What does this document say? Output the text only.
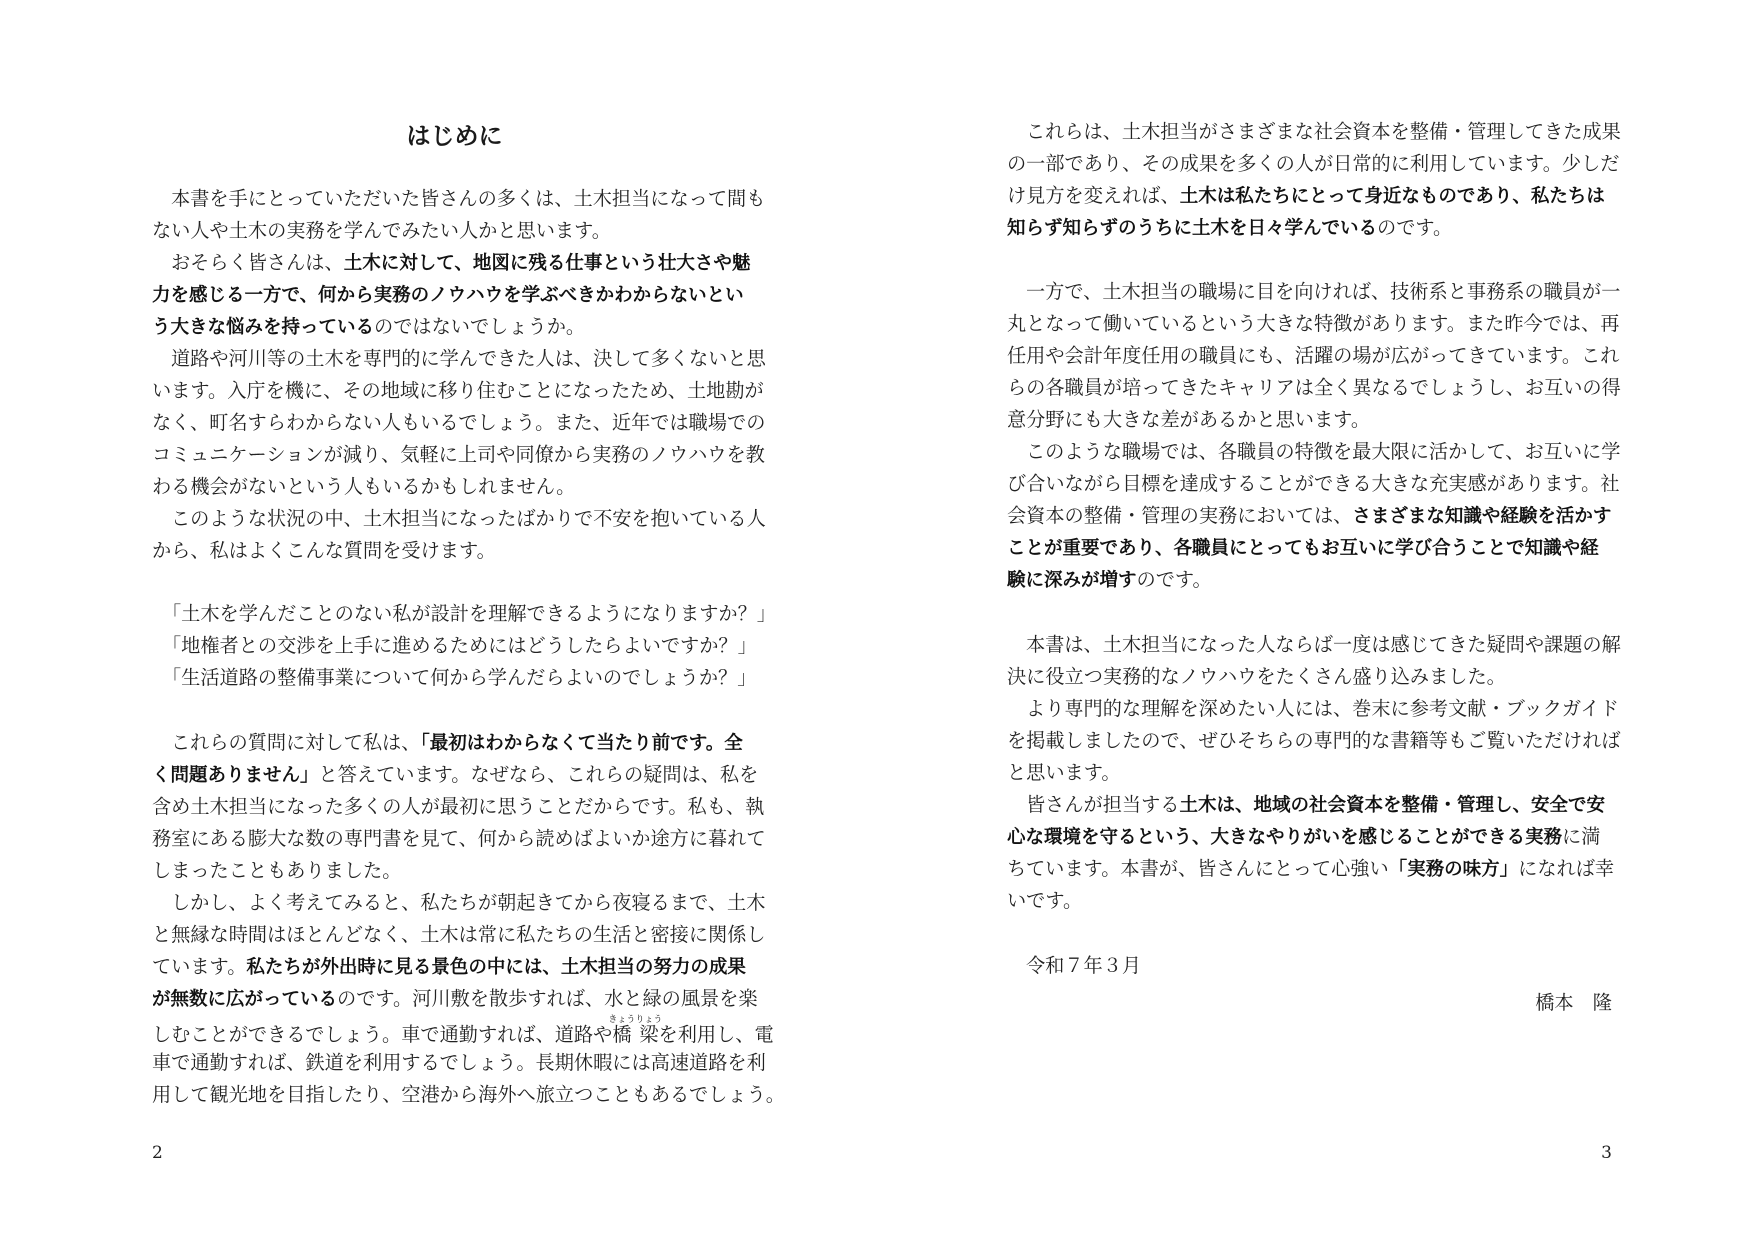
はじめに
本書を手にとっていただいた皆さんの多くは、土木担当になって間も
ない人や土木の実務を学んでみたい人かと思います。
おそらく皆さんは、土木に対して、地図に残る仕事という壮大さや魅
力を感じる一方で、何から実務のノウハウを学ぶべきかわからないとい
う大きな悩みを持っているのではないでしょうか。
道路や河川等の土木を専門的に学んできた人は、決して多くないと思
います。入庁を機に、その地域に移り住むことになったため、土地勘が
なく、町名すらわからない人もいるでしょう。また、近年では職場での
コミュニケーションが減り、気軽に上司や同僚から実務のノウハウを教
わる機会がないという人もいるかもしれません。
このような状況の中、土木担当になったばかりで不安を抱いている人
から、私はよくこんな質問を受けます。
「土木を学んだことのない私が設計を理解できるようになりますか？」
「地権者との交渉を上手に進めるためにはどうしたらよいですか？」
「生活道路の整備事業について何から学んだらよいのでしょうか？」
これらの質問に対して私は、「最初はわからなくて当たり前です。全
く問題ありません」と答えています。なぜなら、これらの疑問は、私を
含め土木担当になった多くの人が最初に思うことだからです。私も、執
務室にある膨大な数の専門書を見て、何から読めばよいか途方に暮れて
しまったこともありました。
しかし、よく考えてみると、私たちが朝起きてから夜寝るまで、土木
と無縁な時間はほとんどなく、土木は常に私たちの生活と密接に関係し
ています。私たちが外出時に見る景色の中には、土木担当の努力の成果
が無数に広がっているのです。河川敷を散歩すれば、水と緑の風景を楽
しむことができるでしょう。車で通勤すれば、道路や橋梁きょうりょうを利用し、電
車で通勤すれば、鉄道を利用するでしょう。長期休暇には高速道路を利
用して観光地を目指したり、空港から海外へ旅立つこともあるでしょう。
2
これらは、土木担当がさまざまな社会資本を整備・管理してきた成果
の一部であり、その成果を多くの人が日常的に利用しています。少しだ
け見方を変えれば、土木は私たちにとって身近なものであり、私たちは
知らず知らずのうちに土木を日々学んでいるのです。
一方で、土木担当の職場に目を向ければ、技術系と事務系の職員が一
丸となって働いているという大きな特徴があります。また昨今では、再
任用や会計年度任用の職員にも、活躍の場が広がってきています。これ
らの各職員が培ってきたキャリアは全く異なるでしょうし、お互いの得
意分野にも大きな差があるかと思います。
このような職場では、各職員の特徴を最大限に活かして、お互いに学
び合いながら目標を達成することができる大きな充実感があります。社
会資本の整備・管理の実務においては、さまざまな知識や経験を活かす
ことが重要であり、各職員にとってもお互いに学び合うことで知識や経
験に深みが増すのです。
本書は、土木担当になった人ならば一度は感じてきた疑問や課題の解
決に役立つ実務的なノウハウをたくさん盛り込みました。
より専門的な理解を深めたい人には、巻末に参考文献・ブックガイド
を掲載しましたので、ぜひそちらの専門的な書籍等もご覧いただければ
と思います。
皆さんが担当する土木は、地域の社会資本を整備・管理し、安全で安
心な環境を守るという、大きなやりがいを感じることができる実務に満
ちています。本書が、皆さんにとって心強い「実務の味方」になれば幸
いです。
令和７年３月
橋本　隆
3
